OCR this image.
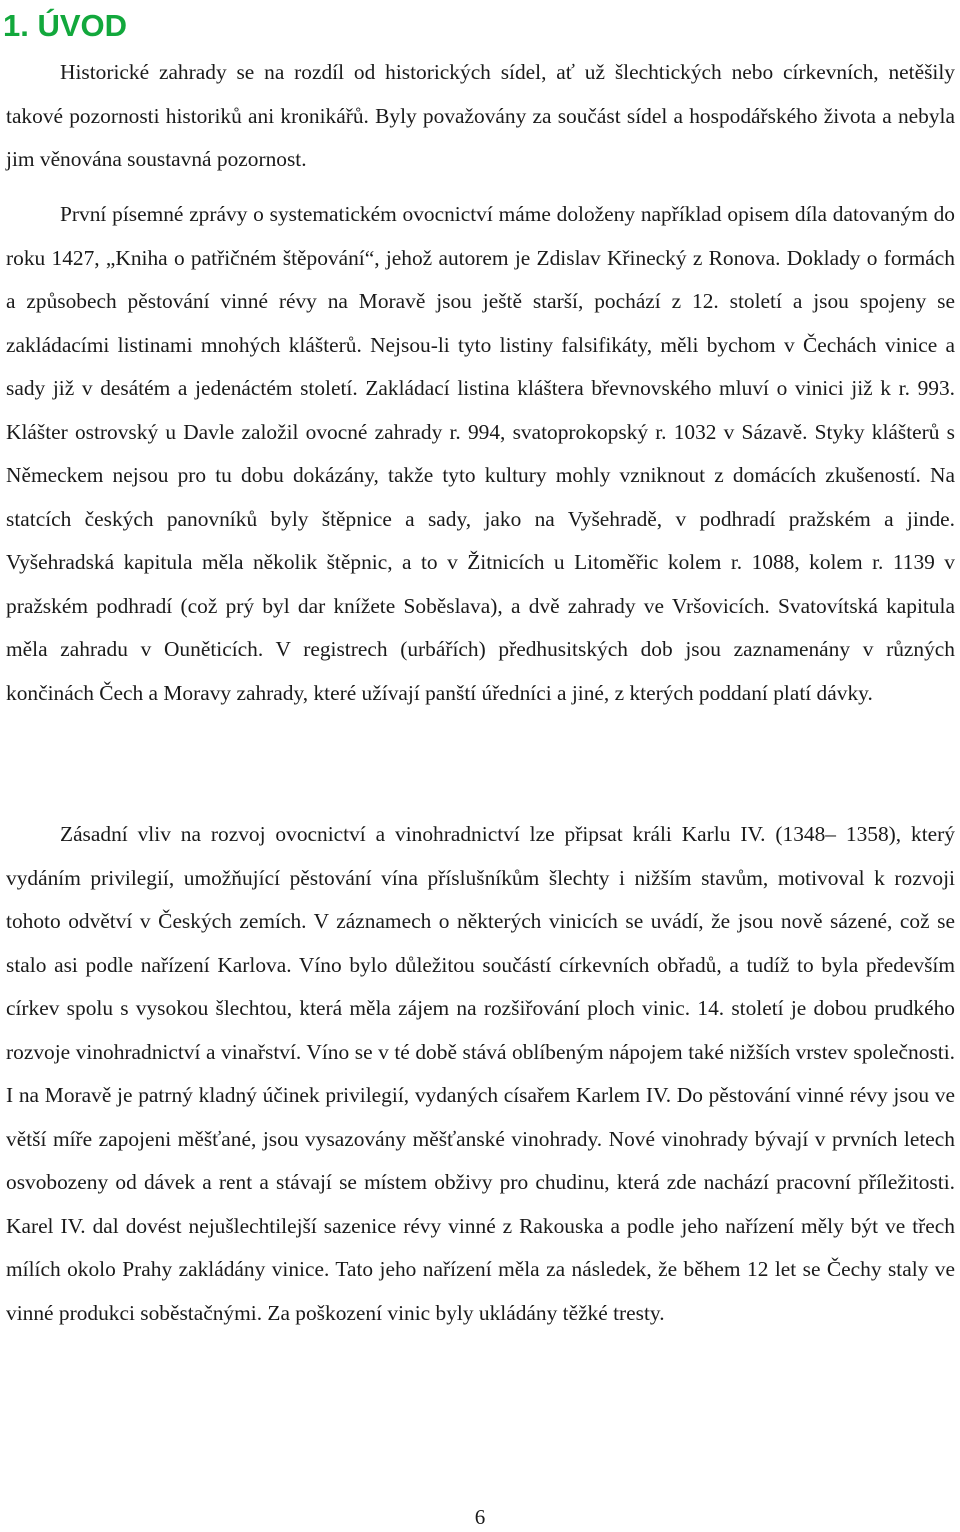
1. ÚVOD

Historické zahrady se na rozdíl od historických sídel, ať už šlechtických nebo církevních, netěšily takové pozornosti historiků ani kronikářů. Byly považovány za součást sídel a hospodářského života a nebyla jim věnována soustavná pozornost.

První písemné zprávy o systematickém ovocnictví máme doloženy například opisem díla datovaným do roku 1427, „Kniha o patřičném štěpování“, jehož autorem je Zdislav Křinecký z Ronova. Doklady o formách a způsobech pěstování vinné révy na Moravě jsou ještě starší, pochází z 12. století a jsou spojeny se zakládacími listinami mnohých klášterů. Nejsou-li tyto listiny falsifikáty, měli bychom v Čechách vinice a sady již v desátém a jedenáctém století. Zakládací listina kláštera břevnovského mluví o vinici již k r. 993. Klášter ostrovský u Davle založil ovocné zahrady r. 994, svatoprokopský r. 1032 v Sázavě. Styky klášterů s Německem nejsou pro tu dobu dokázány, takže tyto kultury mohly vzniknout z domácích zkušeností. Na statcích českých panovníků byly štěpnice a sady, jako na Vyšehradě, v podhradí pražském a jinde. Vyšehradská kapitula měla několik štěpnic, a to v Žitnicích u Litoměřic kolem r. 1088, kolem r. 1139 v pražském podhradí (což prý byl dar knížete Soběslava), a dvě zahrady ve Vršovicích. Svatovítská kapitula měla zahradu v Ouněticích. V registrech (urbářích) předhusitských dob jsou zaznamenány v různých končinách Čech a Moravy zahrady, které užívají panští úředníci a jiné, z kterých poddaní platí dávky.

Zásadní vliv na rozvoj ovocnictví a vinohradnictví lze připsat králi Karlu IV. (1348– 1358), který vydáním privilegií, umožňující pěstování vína příslušníkům šlechty i nižším stavům, motivoval k rozvoji tohoto odvětví v Českých zemích. V záznamech o některých vinicích se uvádí, že jsou nově sázené, což se stalo asi podle nařízení Karlova. Víno bylo důležitou součástí církevních obřadů, a tudíž to byla především církev spolu s vysokou šlechtou, která měla zájem na rozšiřování ploch vinic. 14. století je dobou prudkého rozvoje vinohradnictví a vinařství. Víno se v té době stává oblíbeným nápojem také nižších vrstev společnosti. I na Moravě je patrný kladný účinek privilegií, vydaných císařem Karlem IV. Do pěstování vinné révy jsou ve větší míře zapojeni měšťané, jsou vysazovány měšťanské vinohrady. Nové vinohrady bývají v prvních letech osvobozeny od dávek a rent a stávají se místem obživy pro chudinu, která zde nachází pracovní příležitosti. Karel IV. dal dovést nejušlechtilejší sazenice révy vinné z Rakouska a podle jeho nařízení měly být ve třech mílích okolo Prahy zakládány vinice. Tato jeho nařízení měla za následek, že během 12 let se Čechy staly ve vinné produkci soběstačnými. Za poškození vinic byly ukládány těžké tresty.

6
